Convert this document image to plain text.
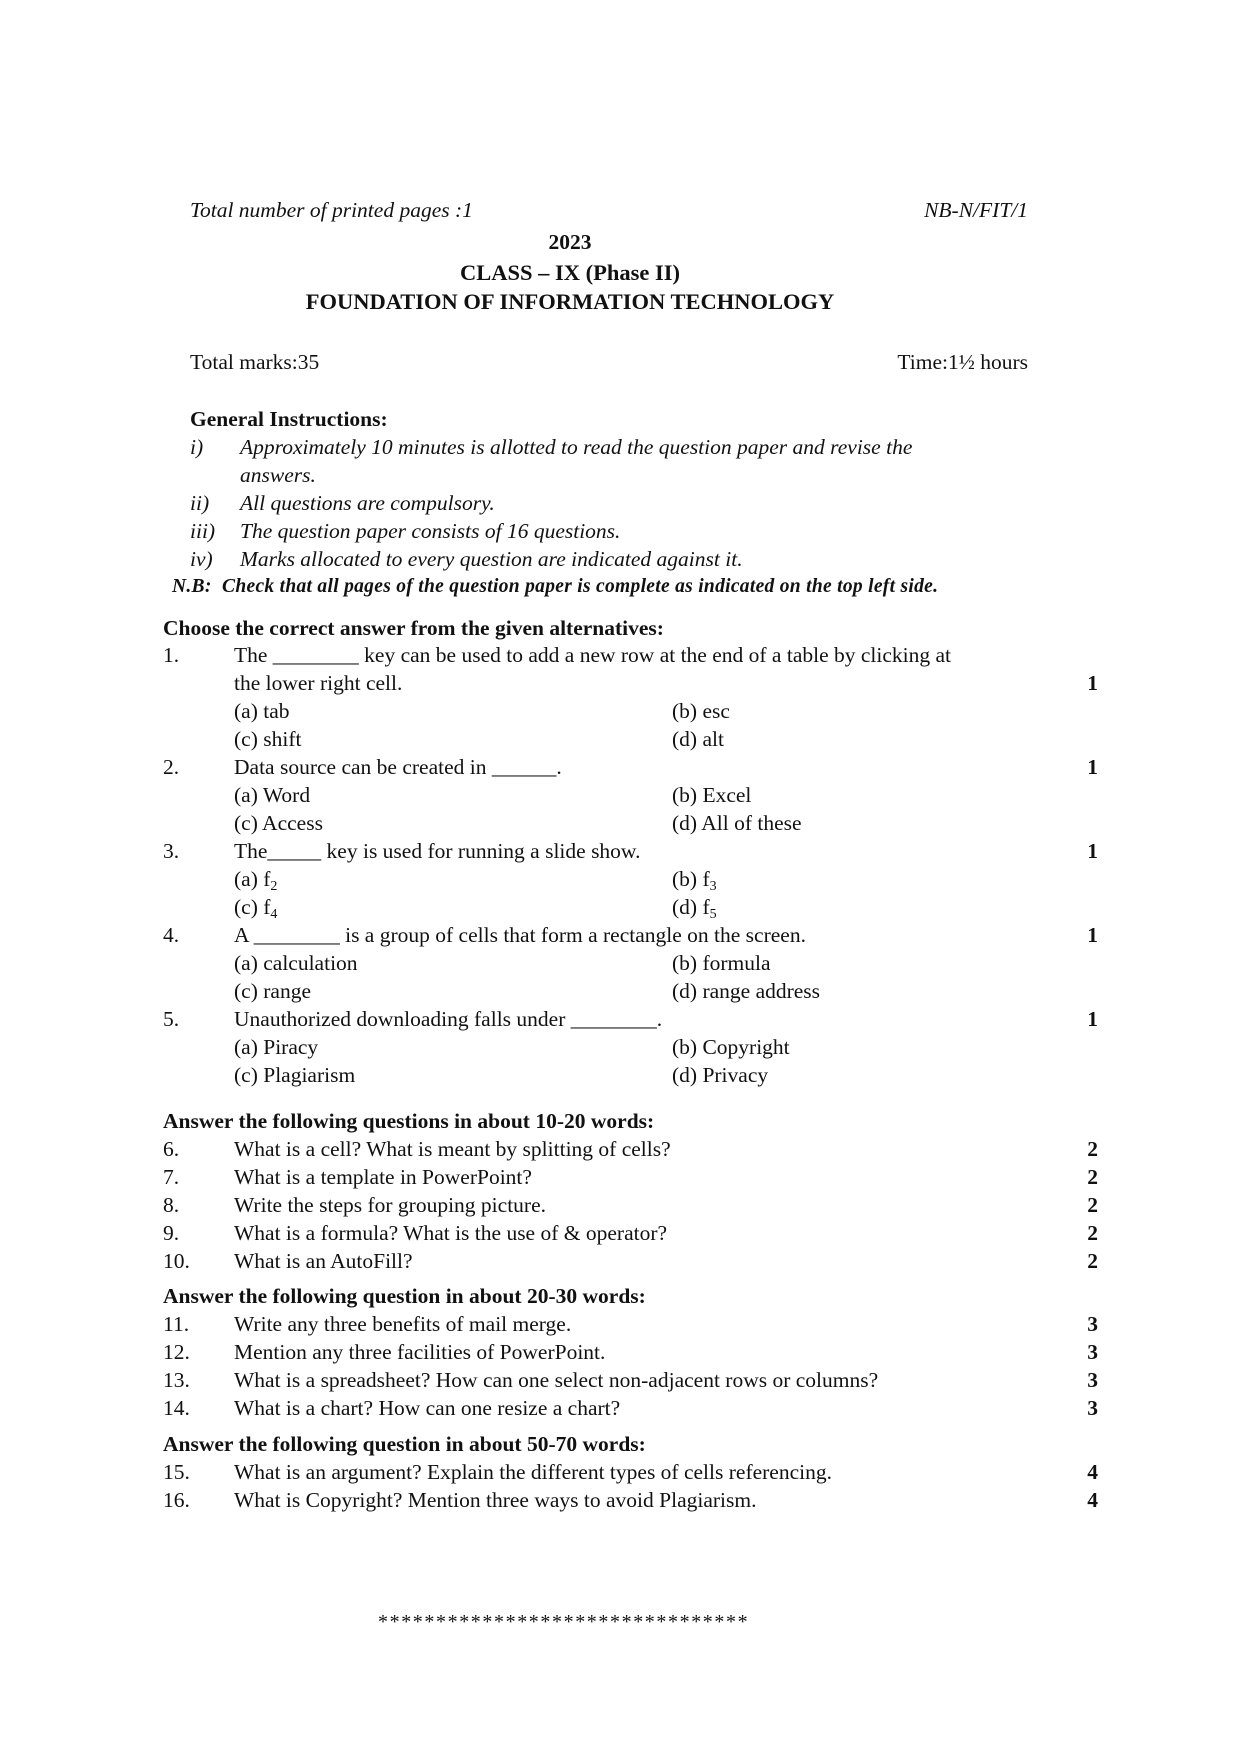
Total number of printed pages :1	NB-N/FIT/1
2023
CLASS – IX (Phase II)
FOUNDATION OF INFORMATION TECHNOLOGY
Total marks:35	Time:1½ hours
General Instructions:
i) Approximately 10 minutes is allotted to read the question paper and revise the
answers.
ii) All questions are compulsory.
iii) The question paper consists of 16 questions.
iv) Marks allocated to every question are indicated against it.
N.B: Check that all pages of the question paper is complete as indicated on the top left side.
Choose the correct answer from the given alternatives:
1.	The ________ key can be used to add a new row at the end of a table by clicking at
the lower right cell.	1
(a) tab	(b) esc
(c) shift	(d) alt
2.	Data source can be created in ______.	1
(a) Word	(b) Excel
(c) Access	(d) All of these
3.	The_____ key is used for running a slide show.	1
(a) $f_2$	(b) $f_3$
(c) $f_4$	(d) $f_5$
4.	A ________ is a group of cells that form a rectangle on the screen.	1
(a) calculation	(b) formula
(c) range	(d) range address
5.	Unauthorized downloading falls under ________.	1
(a) Piracy	(b) Copyright
(c) Plagiarism	(d) Privacy
Answer the following questions in about 10-20 words:
6.	What is a cell? What is meant by splitting of cells?	2
7.	What is a template in PowerPoint?	2
8.	Write the steps for grouping picture.	2
9.	What is a formula? What is the use of & operator?	2
10. What is an AutoFill?	2
Answer the following question in about 20-30 words:
11. Write any three benefits of mail merge.	3
12. Mention any three facilities of PowerPoint.	3
13. What is a spreadsheet? How can one select non-adjacent rows or columns?	3
14. What is a chart? How can one resize a chart?	3
Answer the following question in about 50-70 words:
15. What is an argument? Explain the different types of cells referencing.	4
16. What is Copyright? Mention three ways to avoid Plagiarism.	4
********************************
